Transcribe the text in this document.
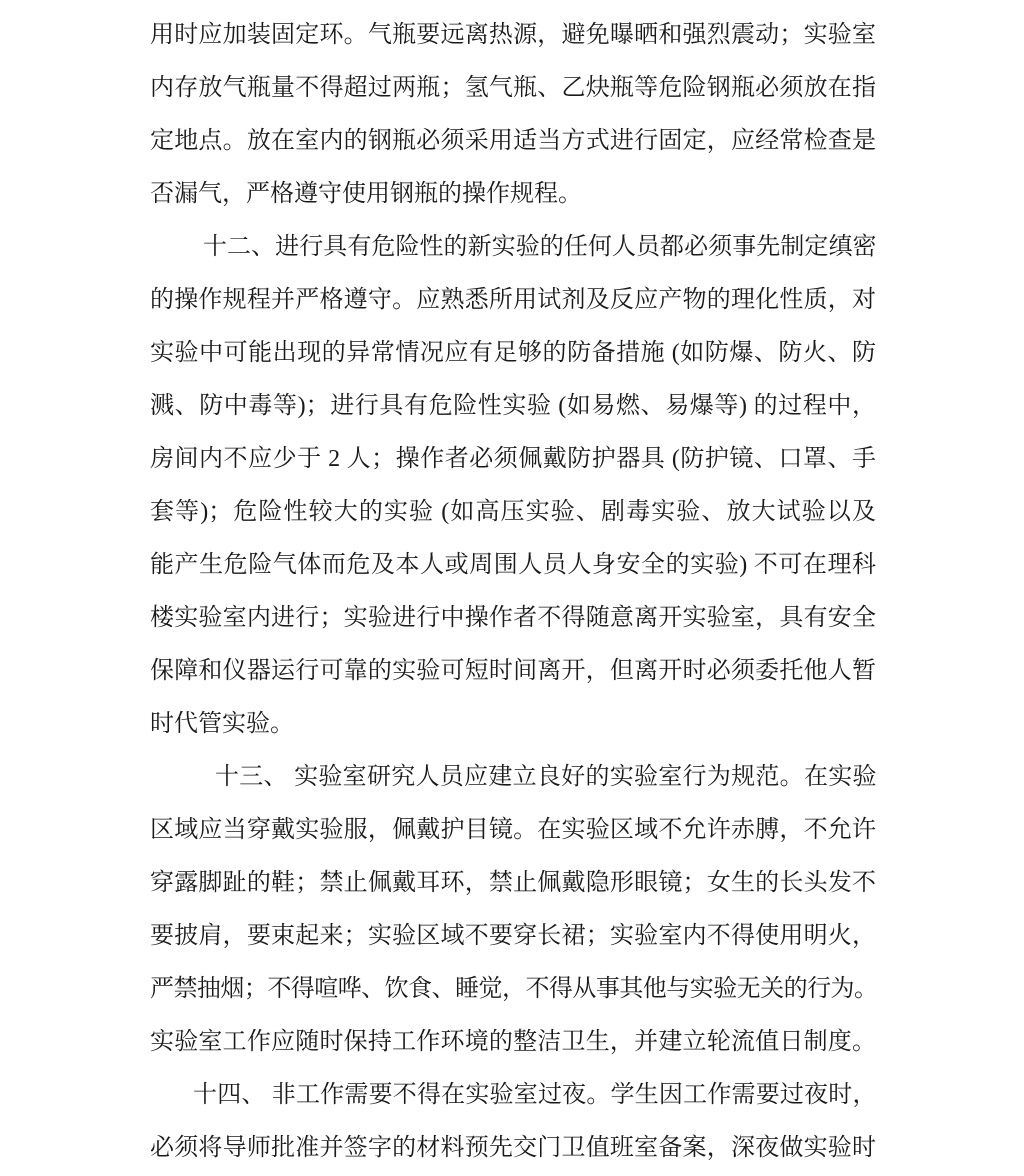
用时应加装固定环。气瓶要远离热源，避免曝晒和强烈震动；实验室
内存放气瓶量不得超过两瓶；氢气瓶、乙炔瓶等危险钢瓶必须放在指
定地点。放在室内的钢瓶必须采用适当方式进行固定，应经常检查是
否漏气，严格遵守使用钢瓶的操作规程。
十二、进行具有危险性的新实验的任何人员都必须事先制定缜密
的操作规程并严格遵守。应熟悉所用试剂及反应产物的理化性质，对
实验中可能出现的异常情况应有足够的防备措施 (如防爆、防火、防
溅、防中毒等)；进行具有危险性实验 (如易燃、易爆等) 的过程中，
房间内不应少于 2 人；操作者必须佩戴防护器具 (防护镜、口罩、手
套等)；危险性较大的实验 (如高压实验、剧毒实验、放大试验以及
能产生危险气体而危及本人或周围人员人身安全的实验) 不可在理科
楼实验室内进行；实验进行中操作者不得随意离开实验室，具有安全
保障和仪器运行可靠的实验可短时间离开，但离开时必须委托他人暂
时代管实验。
十三、 实验室研究人员应建立良好的实验室行为规范。在实验
区域应当穿戴实验服，佩戴护目镜。在实验区域不允许赤膊，不允许
穿露脚趾的鞋；禁止佩戴耳环，禁止佩戴隐形眼镜；女生的长头发不
要披肩，要束起来；实验区域不要穿长裙；实验室内不得使用明火，
严禁抽烟；不得喧哗、饮食、睡觉，不得从事其他与实验无关的行为。
实验室工作应随时保持工作环境的整洁卫生，并建立轮流值日制度。
十四、 非工作需要不得在实验室过夜。学生因工作需要过夜时，
必须将导师批准并签字的材料预先交门卫值班室备案，深夜做实验时
